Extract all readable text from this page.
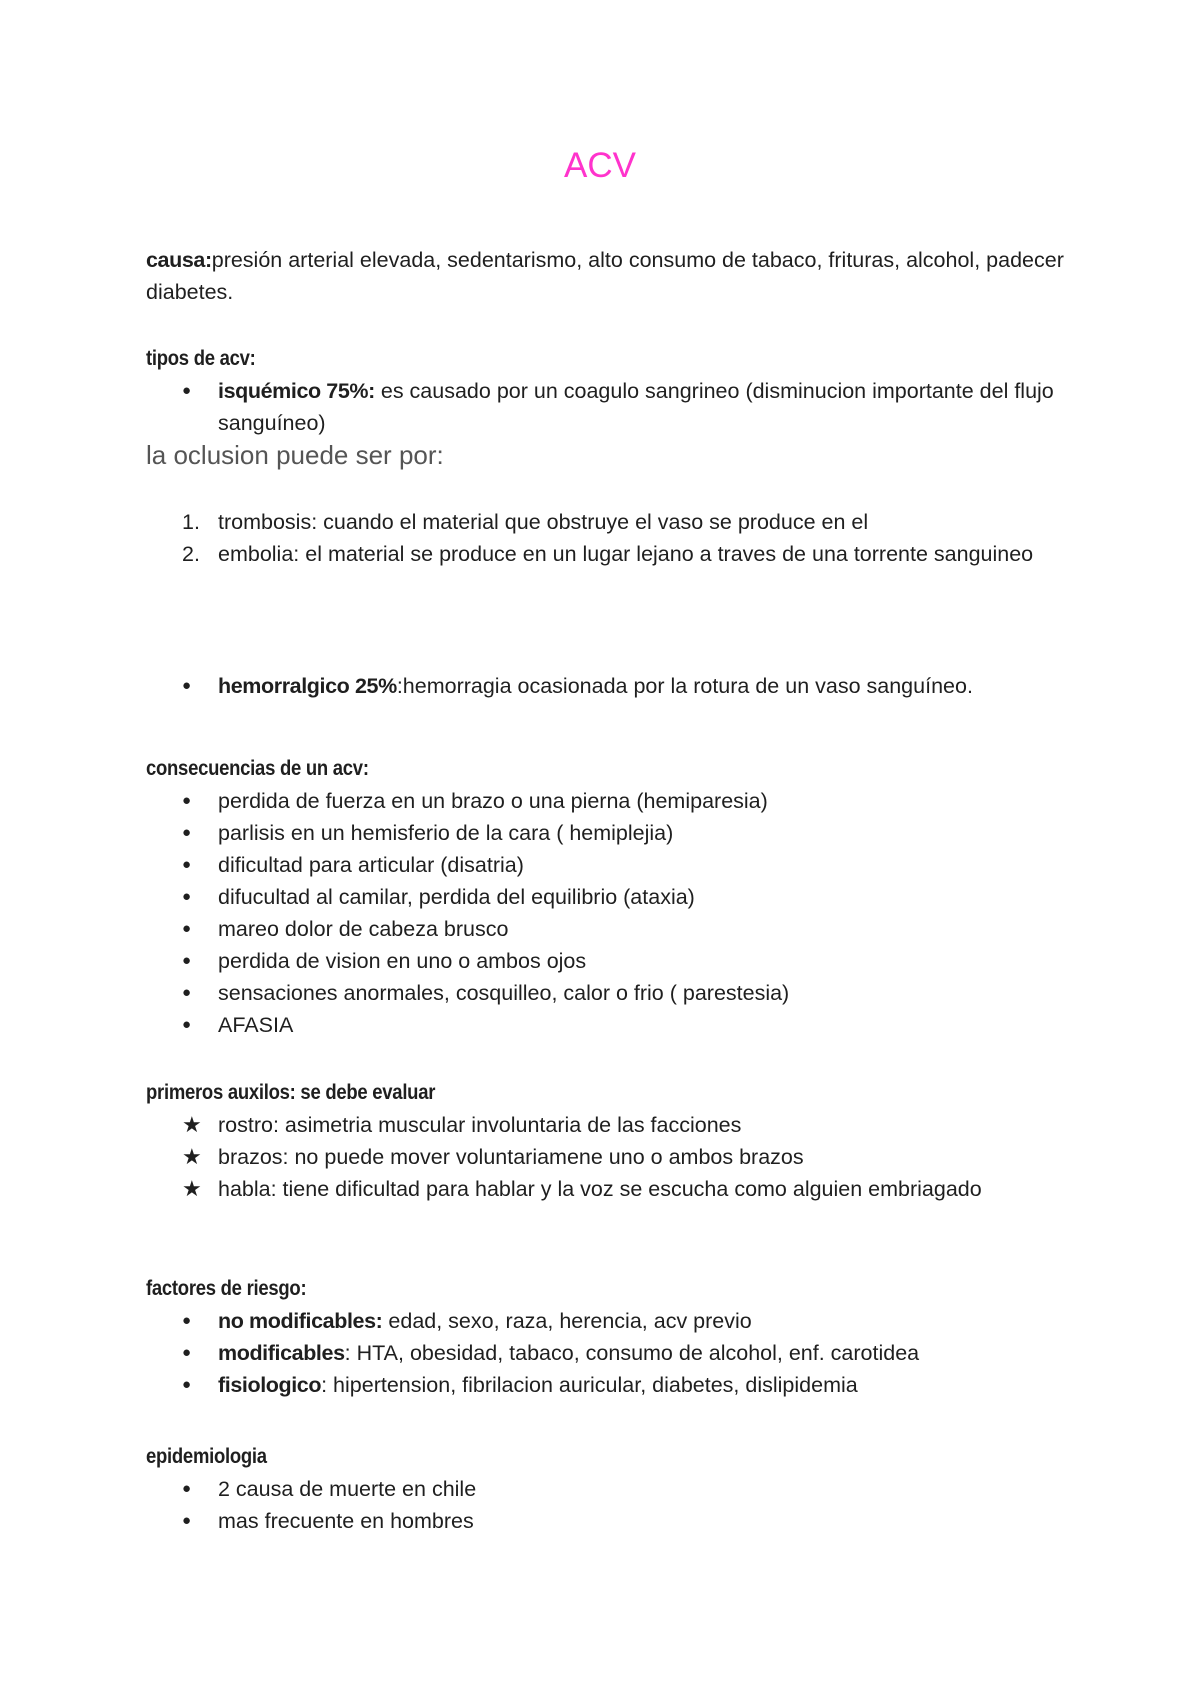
ACV
causa:presión arterial elevada, sedentarismo, alto consumo de tabaco, frituras, alcohol, padecer diabetes.
tipos de acv:
● isquémico 75%: es causado por un coagulo sangrineo (disminucion importante del flujo sanguíneo)
la oclusion puede ser por:
1. trombosis: cuando el material que obstruye el vaso se produce en el
2. embolia: el material se produce en un lugar lejano a traves de una torrente sanguineo
● hemorralgico 25%:hemorragia ocasionada por la rotura de un vaso sanguíneo.
consecuencias de un acv:
● perdida de fuerza en un brazo o una pierna (hemiparesia)
● parlisis en un hemisferio de la cara ( hemiplejia)
● dificultad para articular (disatria)
● difucultad al camilar, perdida del equilibrio (ataxia)
● mareo dolor de cabeza brusco
● perdida de vision en uno o ambos ojos
● sensaciones anormales, cosquilleo, calor o frio ( parestesia)
● AFASIA
primeros auxilos: se debe evaluar
★ rostro: asimetria muscular involuntaria de las facciones
★ brazos: no puede mover voluntariamene uno o ambos brazos
★ habla: tiene dificultad para hablar y la voz se escucha como alguien embriagado
factores de riesgo:
● no modificables: edad, sexo, raza, herencia, acv previo
● modificables: HTA, obesidad, tabaco, consumo de alcohol, enf. carotidea
● fisiologico: hipertension, fibrilacion auricular, diabetes, dislipidemia
epidemiologia
● 2 causa de muerte en chile
● mas frecuente en hombres
